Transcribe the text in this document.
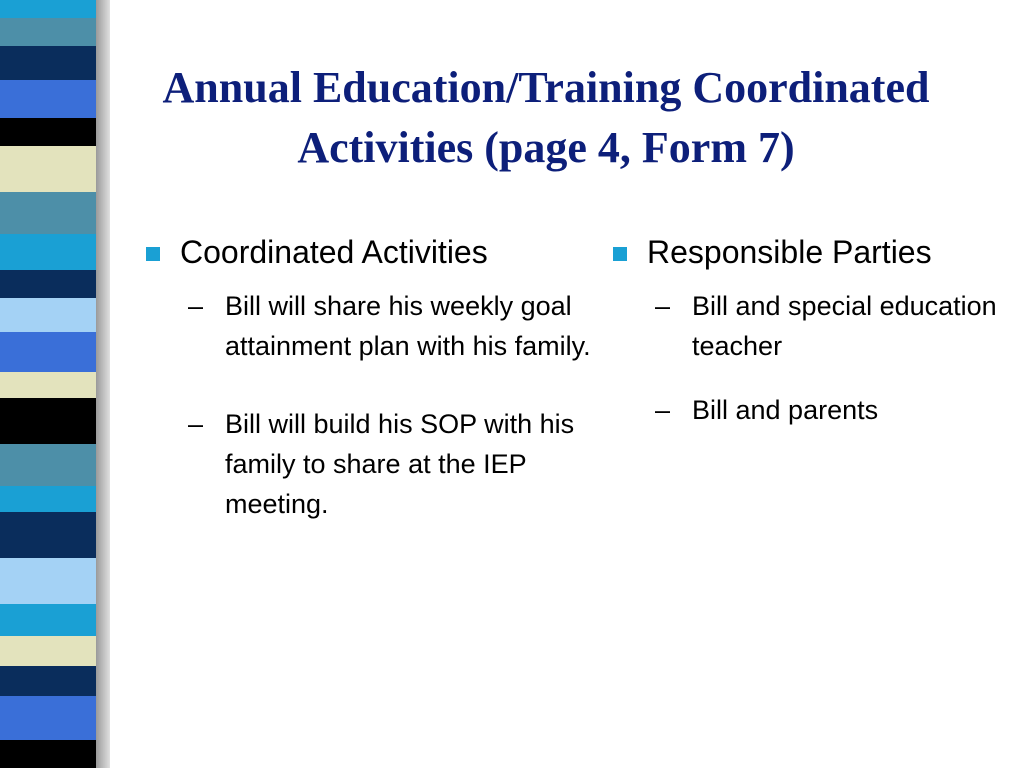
Annual Education/Training Coordinated Activities (page 4, Form 7)
Coordinated Activities
– Bill will share his weekly goal attainment plan with his family.
– Bill will build his SOP with his family to share at the IEP meeting.
Responsible Parties
– Bill and special education teacher
– Bill and parents
